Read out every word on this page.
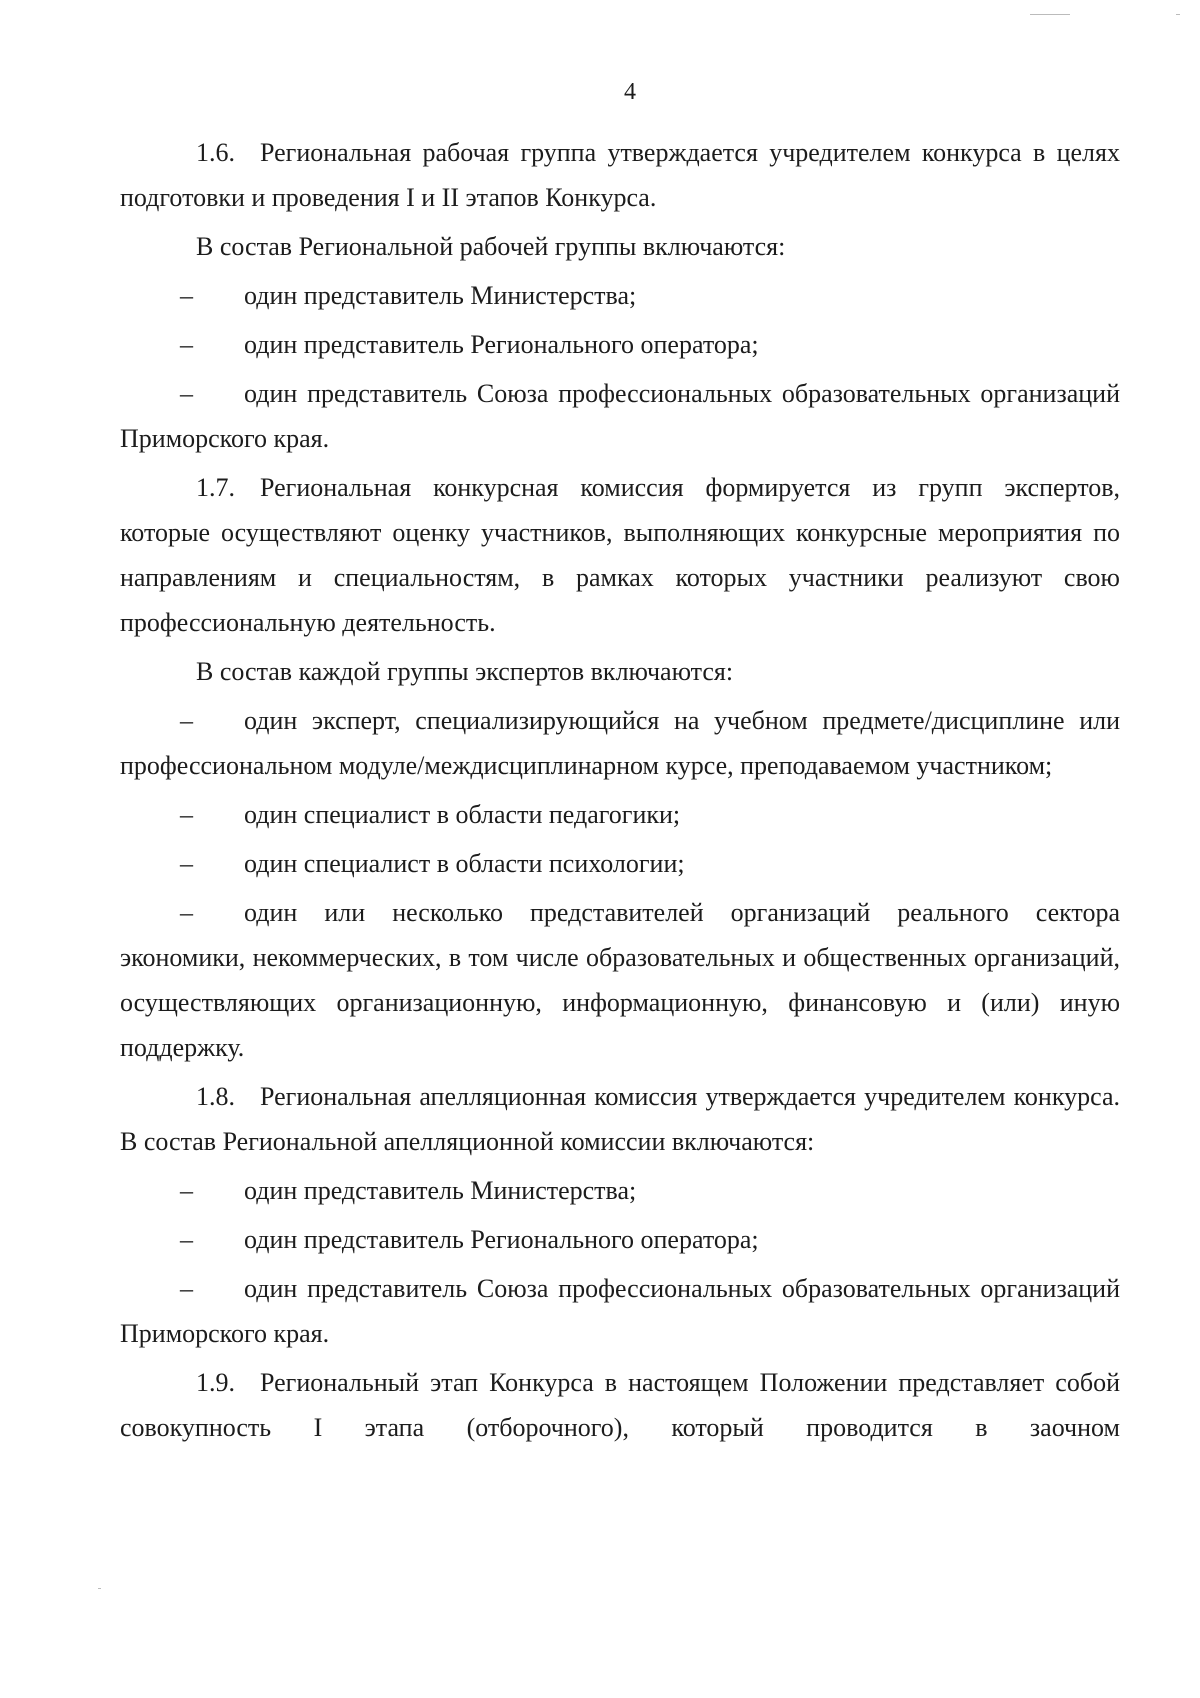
4

1.6. Региональная рабочая группа утверждается учредителем конкурса в целях подготовки и проведения I и II этапов Конкурса.

В состав Региональной рабочей группы включаются:

– один представитель Министерства;

– один представитель Регионального оператора;

– один представитель Союза профессиональных образовательных организаций Приморского края.

1.7. Региональная конкурсная комиссия формируется из групп экспертов, которые осуществляют оценку участников, выполняющих конкурсные мероприятия по направлениям и специальностям, в рамках которых участники реализуют свою профессиональную деятельность.

В состав каждой группы экспертов включаются:

– один эксперт, специализирующийся на учебном предмете/дисциплине или профессиональном модуле/междисциплинарном курсе, преподаваемом участником;

– один специалист в области педагогики;

– один специалист в области психологии;

– один или несколько представителей организаций реального сектора экономики, некоммерческих, в том числе образовательных и общественных организаций, осуществляющих организационную, информационную, финансовую и (или) иную поддержку.

1.8. Региональная апелляционная комиссия утверждается учредителем конкурса. В состав Региональной апелляционной комиссии включаются:

– один представитель Министерства;

– один представитель Регионального оператора;

– один представитель Союза профессиональных образовательных организаций Приморского края.

1.9. Региональный этап Конкурса в настоящем Положении представляет собой совокупность I этапа (отборочного), который проводится в заочном
